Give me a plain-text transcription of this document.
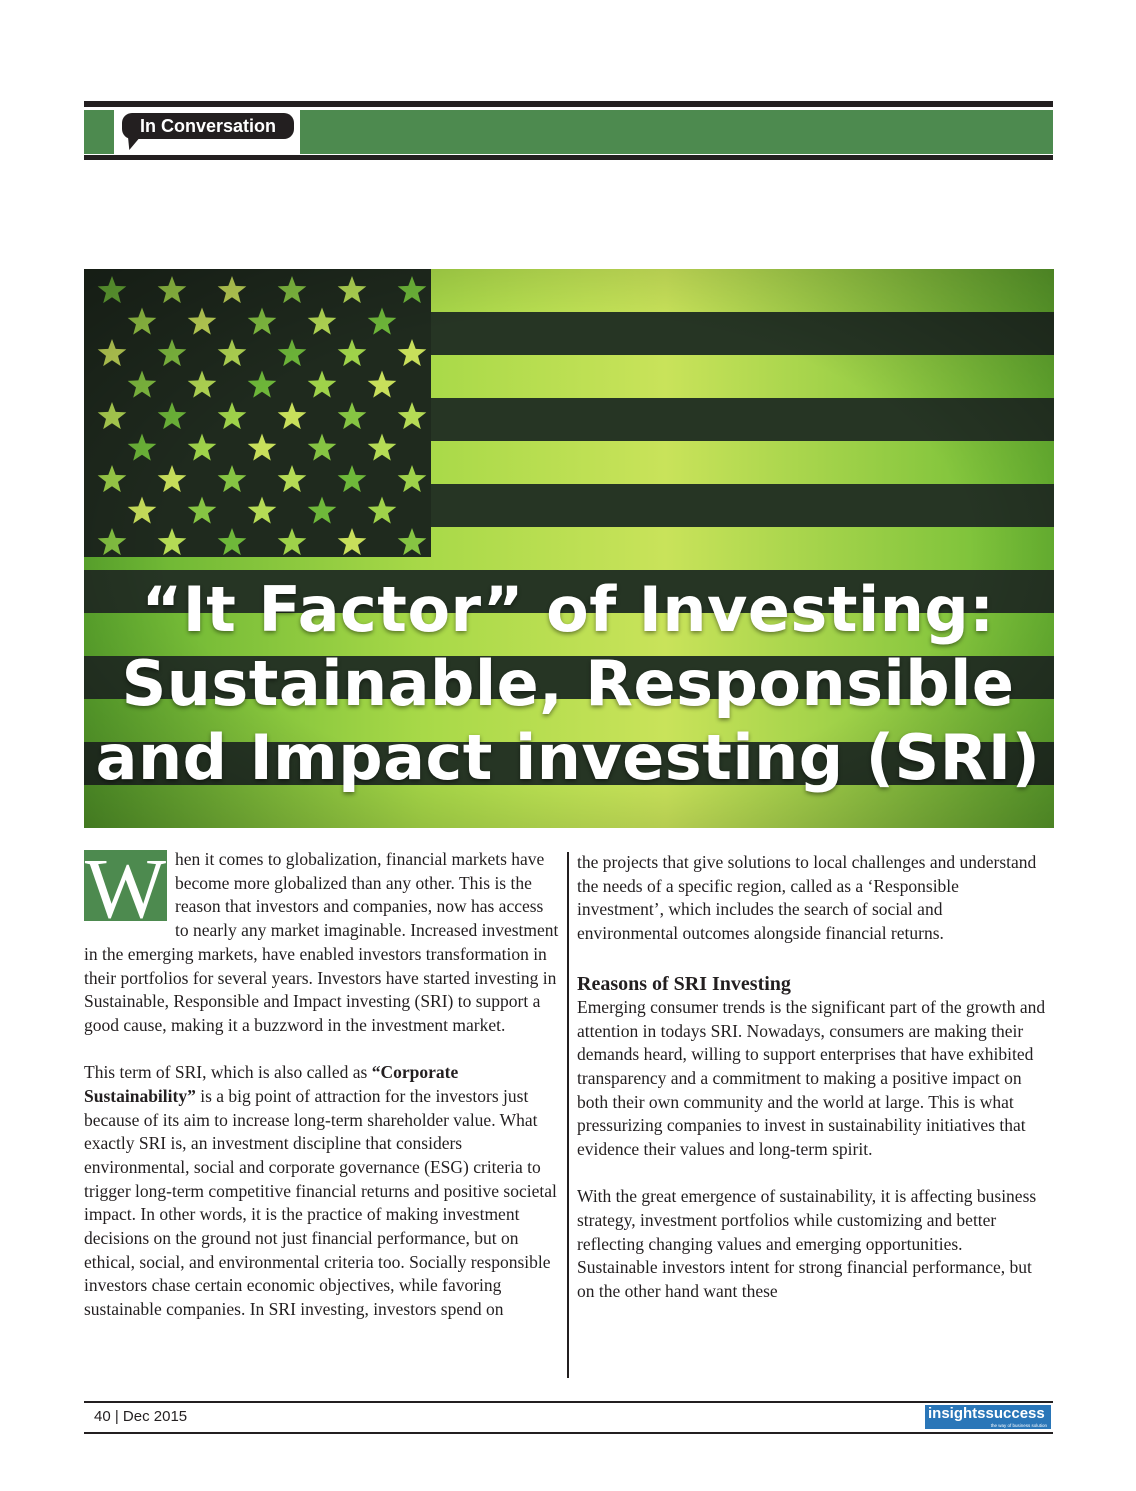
In Conversation
“It Factor” of Investing:
Sustainable, Responsible
and Impact investing (SRI)

W hen it comes to globalization, financial markets have become more globalized than any other. This is the reason that investors and companies, now has access to nearly any market imaginable. Increased investment in the emerging markets, have enabled investors transformation in their portfolios for several years. Investors have started investing in Sustainable, Responsible and Impact investing (SRI) to support a good cause, making it a buzzword in the investment market.

This term of SRI, which is also called as “Corporate Sustainability” is a big point of attraction for the investors just because of its aim to increase long-term shareholder value. What exactly SRI is, an investment discipline that considers environmental, social and corporate governance (ESG) criteria to trigger long-term competitive financial returns and positive societal impact. In other words, it is the practice of making investment decisions on the ground not just financial performance, but on ethical, social, and environmental criteria too. Socially responsible investors chase certain economic objectives, while favoring sustainable companies. In SRI investing, investors spend on

the projects that give solutions to local challenges and understand the needs of a specific region, called as a ‘Responsible investment’, which includes the search of social and environmental outcomes alongside financial returns.

Reasons of SRI Investing

Emerging consumer trends is the significant part of the growth and attention in todays SRI. Nowadays, consumers are making their demands heard, willing to support enterprises that have exhibited transparency and a commitment to making a positive impact on both their own community and the world at large. This is what pressurizing companies to invest in sustainability initiatives that evidence their values and long-term spirit.

With the great emergence of sustainability, it is affecting business strategy, investment portfolios while customizing and better reflecting changing values and emerging opportunities. Sustainable investors intent for strong financial performance, but on the other hand want these

40 | Dec 2015	insightssuccess
the way of business solution
